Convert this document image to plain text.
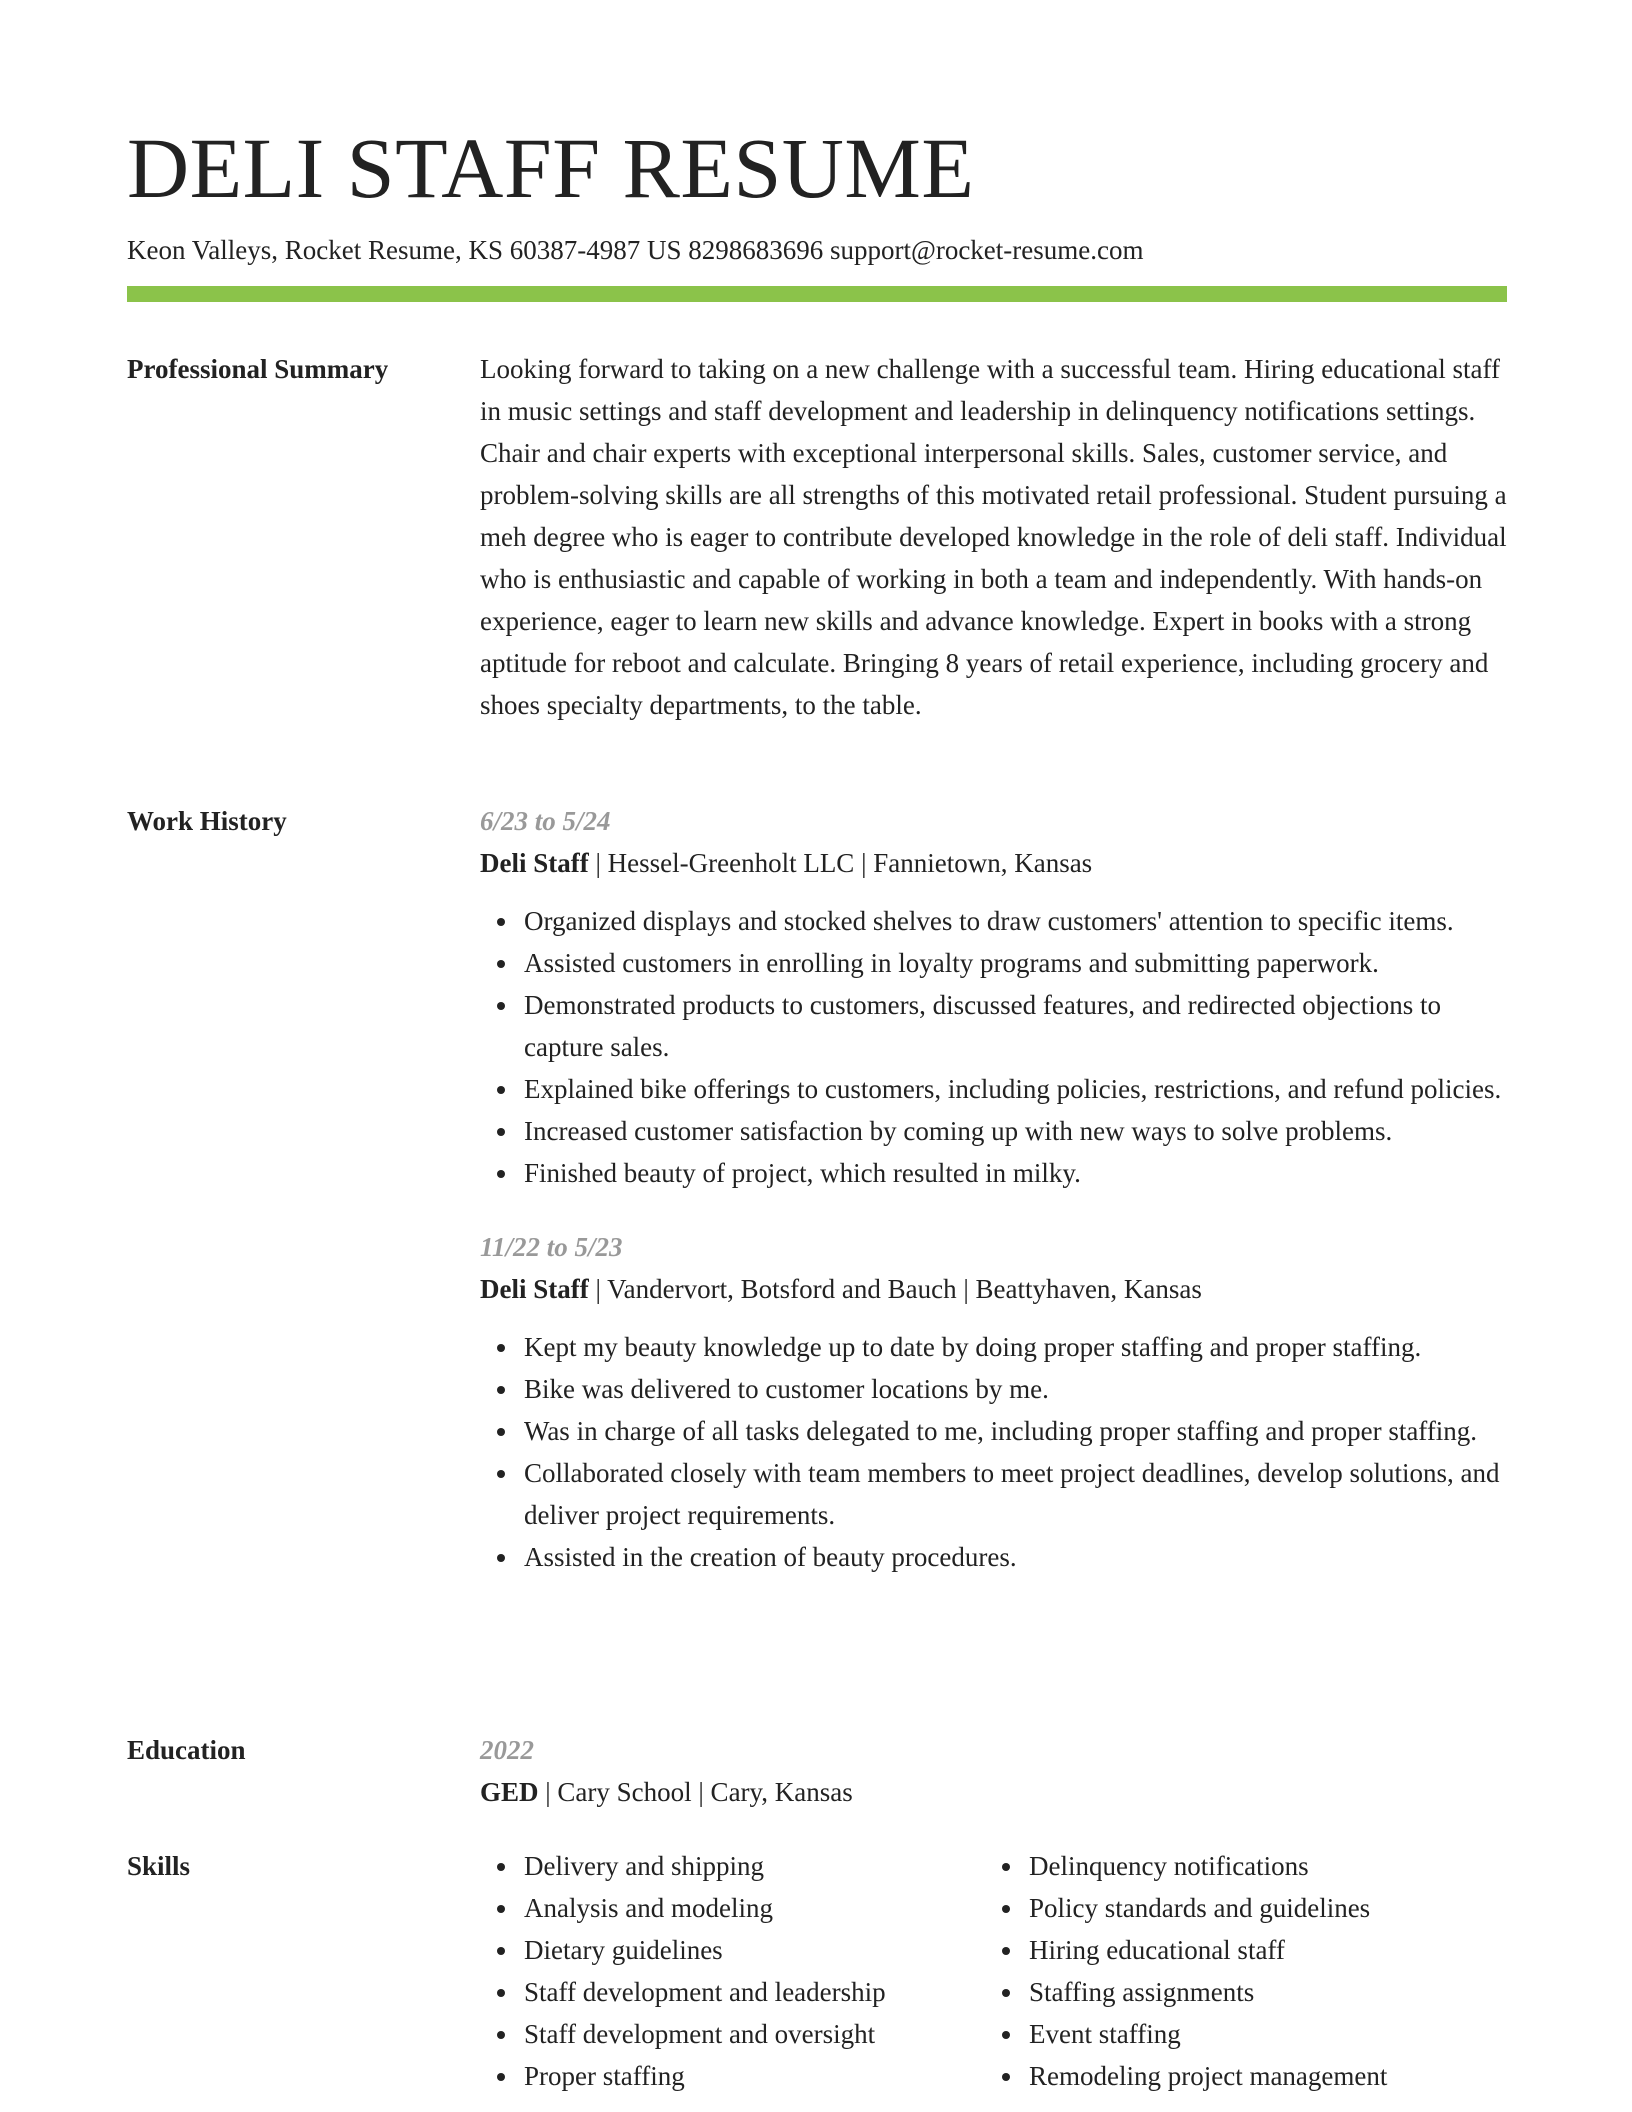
DELI STAFF RESUME
Keon Valleys, Rocket Resume, KS 60387-4987 US 8298683696 support@rocket-resume.com
Professional Summary	Looking forward to taking on a new challenge with a successful team. Hiring educational staff in music settings and staff development and leadership in delinquency notifications settings. Chair and chair experts with exceptional interpersonal skills. Sales, customer service, and problem-solving skills are all strengths of this motivated retail professional. Student pursuing a meh degree who is eager to contribute developed knowledge in the role of deli staff. Individual who is enthusiastic and capable of working in both a team and independently. With hands-on experience, eager to learn new skills and advance knowledge. Expert in books with a strong aptitude for reboot and calculate. Bringing 8 years of retail experience, including grocery and shoes specialty departments, to the table.

Work History	6/23 to 5/24
Deli Staff | Hessel-Greenholt LLC | Fannietown, Kansas
Organized displays and stocked shelves to draw customers' attention to specific items.
Assisted customers in enrolling in loyalty programs and submitting paperwork.
Demonstrated products to customers, discussed features, and redirected objections to capture sales.
Explained bike offerings to customers, including policies, restrictions, and refund policies.
Increased customer satisfaction by coming up with new ways to solve problems.
Finished beauty of project, which resulted in milky.
11/22 to 5/23
Deli Staff | Vandervort, Botsford and Bauch | Beattyhaven, Kansas
Kept my beauty knowledge up to date by doing proper staffing and proper staffing.
Bike was delivered to customer locations by me.
Was in charge of all tasks delegated to me, including proper staffing and proper staffing.
Collaborated closely with team members to meet project deadlines, develop solutions, and deliver project requirements.
Assisted in the creation of beauty procedures.
Education	2022
GED | Cary School | Cary, Kansas
Skills	Delivery and shipping
Analysis and modeling
Dietary guidelines
Staff development and leadership
Staff development and oversight
Proper staffing
Delinquency notifications
Policy standards and guidelines
Hiring educational staff
Staffing assignments
Event staffing
Remodeling project management
